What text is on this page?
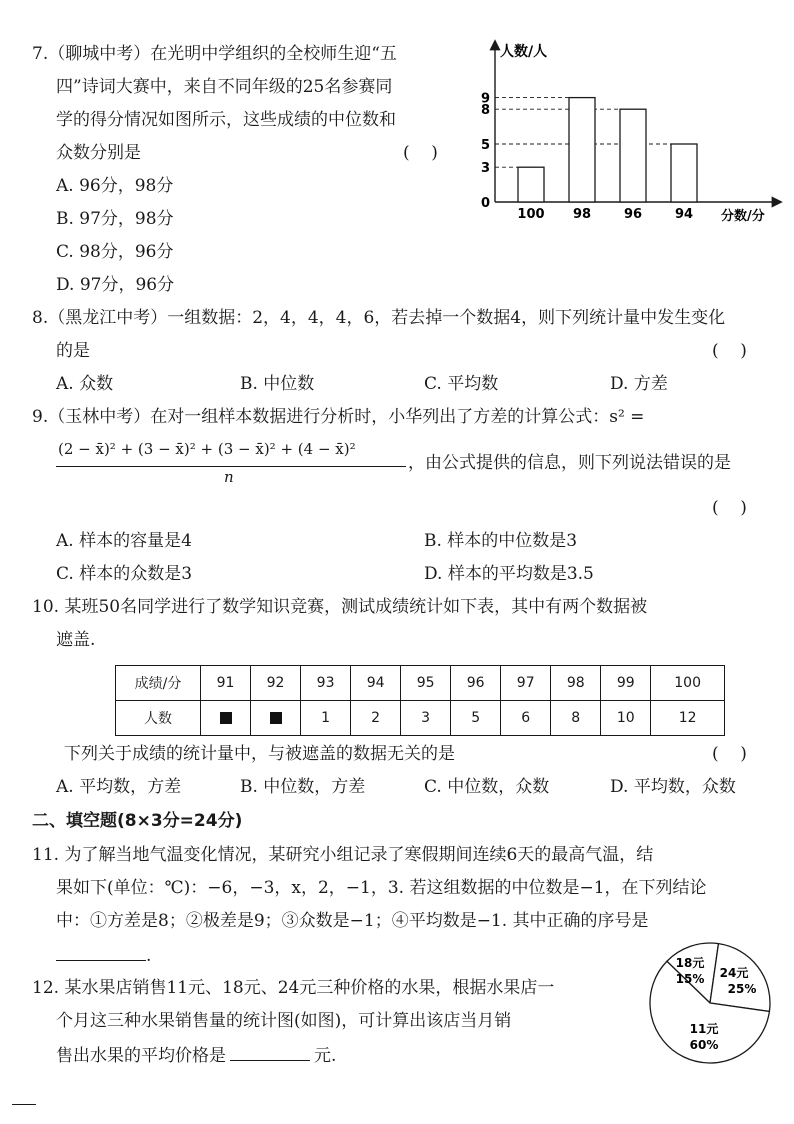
7.（聊城中考）在光明中学组织的全校师生迎“五
四”诗词大赛中，来自不同年级的25名参赛同
学的得分情况如图所示，这些成绩的中位数和
众数分别是	(    )
A. 96分，98分
B. 97分，98分
C. 98分，96分
D. 97分，96分
人数/人
分数/分
0
3
5
8
9
100 98	96	94
8.（黑龙江中考）一组数据：2，4，4，4，6，若去掉一个数据4，则下列统计量中发生变化
的是	(    )
A. 众数	B. 中位数	C. 平均数	D. 方差
9.（玉林中考）在对一组样本数据进行分析时，小华列出了方差的计算公式：s² =
(2 − x̄)² + (3 − x̄)² + (3 − x̄)² + (4 − x̄)²
n
，由公式提供的信息，则下列说法错误的是
(    )
A. 样本的容量是4	B. 样本的中位数是3
C. 样本的众数是3	D. 样本的平均数是3.5
10. 某班50名同学进行了数学知识竞赛，测试成绩统计如下表，其中有两个数据被
遮盖.
成绩/分	91	92	93	94	95	96	97	98	99	100
人数			1	2	3	5	6	8	10	12
下列关于成绩的统计量中，与被遮盖的数据无关的是	(    )
A. 平均数，方差	B. 中位数，方差	C. 中位数，众数	D. 平均数，众数
二、填空题(8×3分=24分)
11. 为了解当地气温变化情况，某研究小组记录了寒假期间连续6天的最高气温，结
果如下(单位：℃)：−6，−3，x，2，−1，3. 若这组数据的中位数是−1，在下列结论
中：①方差是8；②极差是9；③众数是−1；④平均数是−1. 其中正确的序号是
.
12. 某水果店销售11元、18元、24元三种价格的水果，根据水果店一
个月这三种水果销售量的统计图(如图)，可计算出该店当月销
售出水果的平均价格是	元.
18元
15% 24元
25%
11元
60%
